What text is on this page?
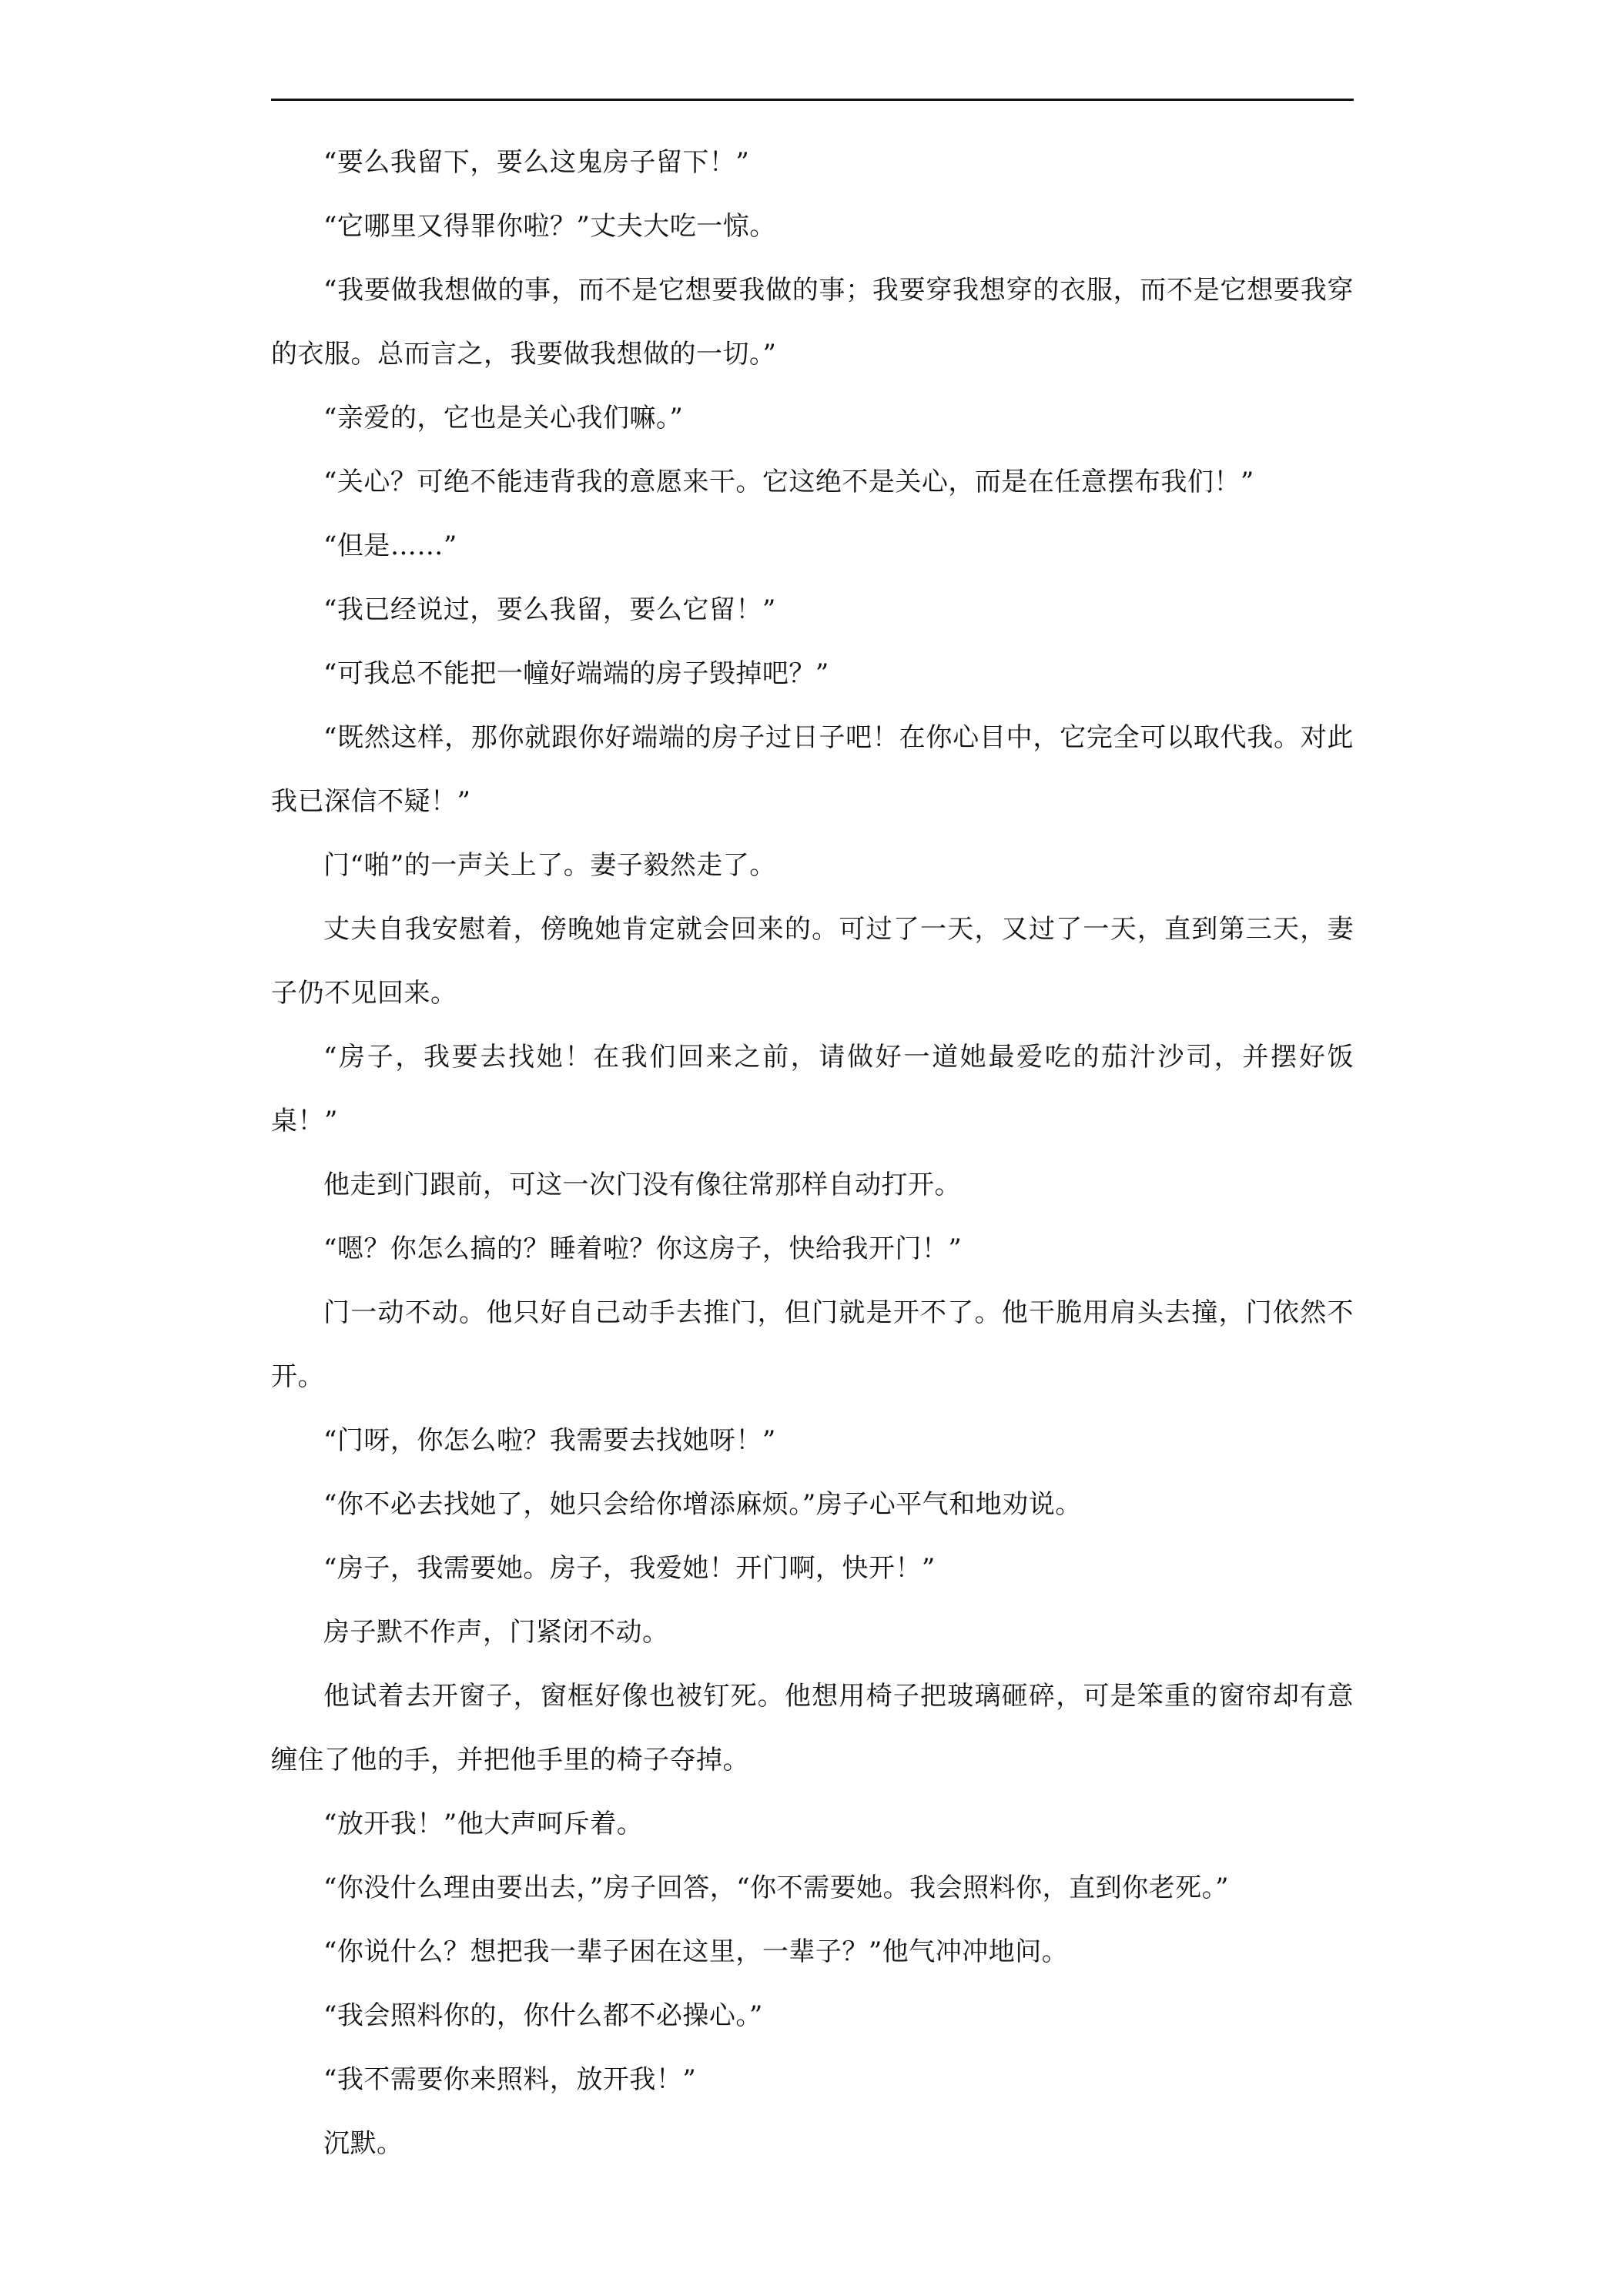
“要么我留下，要么这鬼房子留下！”

“它哪里又得罪你啦？”丈夫大吃一惊。

“我要做我想做的事，而不是它想要我做的事；我要穿我想穿的衣服，而不是它想要我穿的衣服。总而言之，我要做我想做的一切。”

“亲爱的，它也是关心我们嘛。”

“关心？可绝不能违背我的意愿来干。它这绝不是关心，而是在任意摆布我们！”

“但是……”

“我已经说过，要么我留，要么它留！”

“可我总不能把一幢好端端的房子毁掉吧？”

“既然这样，那你就跟你好端端的房子过日子吧！在你心目中，它完全可以取代我。对此我已深信不疑！”

门“啪”的一声关上了。妻子毅然走了。

丈夫自我安慰着，傍晚她肯定就会回来的。可过了一天，又过了一天，直到第三天，妻子仍不见回来。

“房子，我要去找她！在我们回来之前，请做好一道她最爱吃的茄汁沙司，并摆好饭桌！”

他走到门跟前，可这一次门没有像往常那样自动打开。

“嗯？你怎么搞的？睡着啦？你这房子，快给我开门！”

门一动不动。他只好自己动手去推门，但门就是开不了。他干脆用肩头去撞，门依然不开。

“门呀，你怎么啦？我需要去找她呀！”

“你不必去找她了，她只会给你增添麻烦。”房子心平气和地劝说。

“房子，我需要她。房子，我爱她！开门啊，快开！”

房子默不作声，门紧闭不动。

他试着去开窗子，窗框好像也被钉死。他想用椅子把玻璃砸碎，可是笨重的窗帘却有意缠住了他的手，并把他手里的椅子夺掉。

“放开我！”他大声呵斥着。

“你没什么理由要出去，”房子回答，“你不需要她。我会照料你，直到你老死。”

“你说什么？想把我一辈子困在这里，一辈子？”他气冲冲地问。

“我会照料你的，你什么都不必操心。”

“我不需要你来照料，放开我！”

沉默。
